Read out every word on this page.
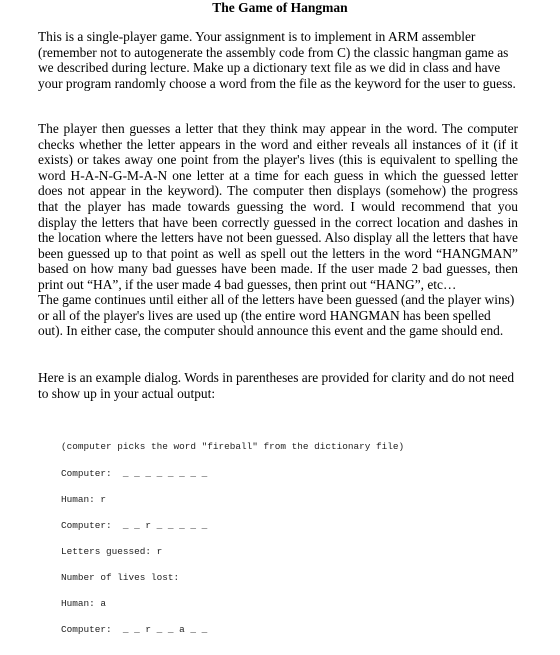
The Game of Hangman

This is a single-player game. Your assignment is to implement in ARM assembler (remember not to autogenerate the assembly code from C) the classic hangman game as we described during lecture. Make up a dictionary text file as we did in class and have your program randomly choose a word from the file as the keyword for the user to guess.

The player then guesses a letter that they think may appear in the word. The computer checks whether the letter appears in the word and either reveals all instances of it (if it exists) or takes away one point from the player's lives (this is equivalent to spelling the word H-A-N-G-M-A-N one letter at a time for each guess in which the guessed letter does not appear in the keyword). The computer then displays (somehow) the progress that the player has made towards guessing the word. I would recommend that you display the letters that have been correctly guessed in the correct location and dashes in the location where the letters have not been guessed. Also display all the letters that have been guessed up to that point as well as spell out the letters in the word “HANGMAN” based on how many bad guesses have been made. If the user made 2 bad guesses, then print out “HA”, if the user made 4 bad guesses, then print out “HANG”, etc…

The game continues until either all of the letters have been guessed (and the player wins) or all of the player's lives are used up (the entire word HANGMAN has been spelled out). In either case, the computer should announce this event and the game should end.

Here is an example dialog. Words in parentheses are provided for clarity and do not need to show up in your actual output:

(computer picks the word "fireball" from the dictionary file)
Computer:  _ _ _ _ _ _ _ _
Human: r
Computer:  _ _ r _ _ _ _ _
Letters guessed: r
Number of lives lost:
Human: a
Computer:  _ _ r _ _ a _ _
